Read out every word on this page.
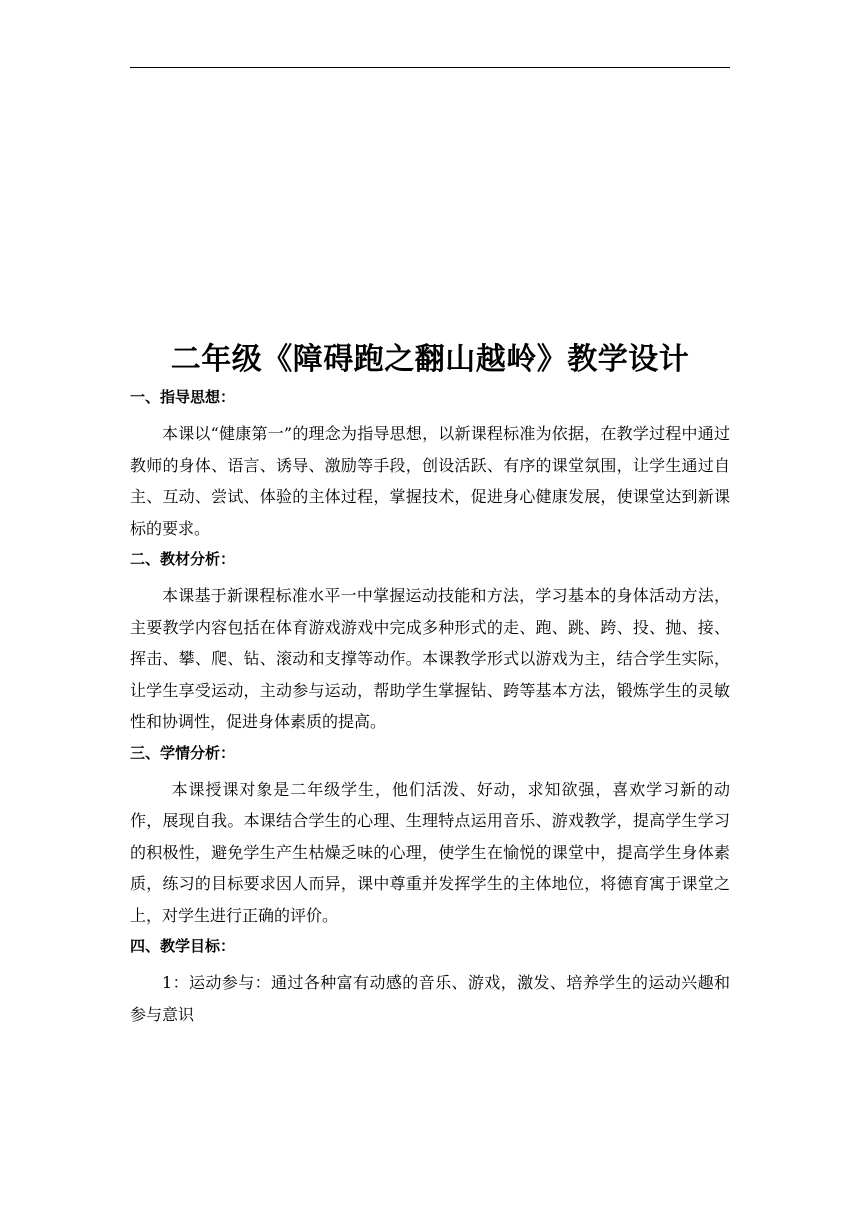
二年级《障碍跑之翻山越岭》教学设计
一、指导思想：

本课以“健康第一”的理念为指导思想，以新课程标准为依据，在教学过程中通过教师的身体、语言、诱导、激励等手段，创设活跃、有序的课堂氛围，让学生通过自主、互动、尝试、体验的主体过程，掌握技术，促进身心健康发展，使课堂达到新课标的要求。

二、教材分析：

本课基于新课程标准水平一中掌握运动技能和方法，学习基本的身体活动方法，主要教学内容包括在体育游戏游戏中完成多种形式的走、跑、跳、跨、投、抛、接、挥击、攀、爬、钻、滚动和支撑等动作。本课教学形式以游戏为主，结合学生实际，让学生享受运动，主动参与运动，帮助学生掌握钻、跨等基本方法，锻炼学生的灵敏性和协调性，促进身体素质的提高。

三、学情分析：

本课授课对象是二年级学生，他们活泼、好动，求知欲强，喜欢学习新的动作，展现自我。本课结合学生的心理、生理特点运用音乐、游戏教学，提高学生学习的积极性，避免学生产生枯燥乏味的心理，使学生在愉悦的课堂中，提高学生身体素质，练习的目标要求因人而异，课中尊重并发挥学生的主体地位，将德育寓于课堂之上，对学生进行正确的评价。

四、教学目标：

1：运动参与：通过各种富有动感的音乐、游戏，激发、培养学生的运动兴趣和参与意识
